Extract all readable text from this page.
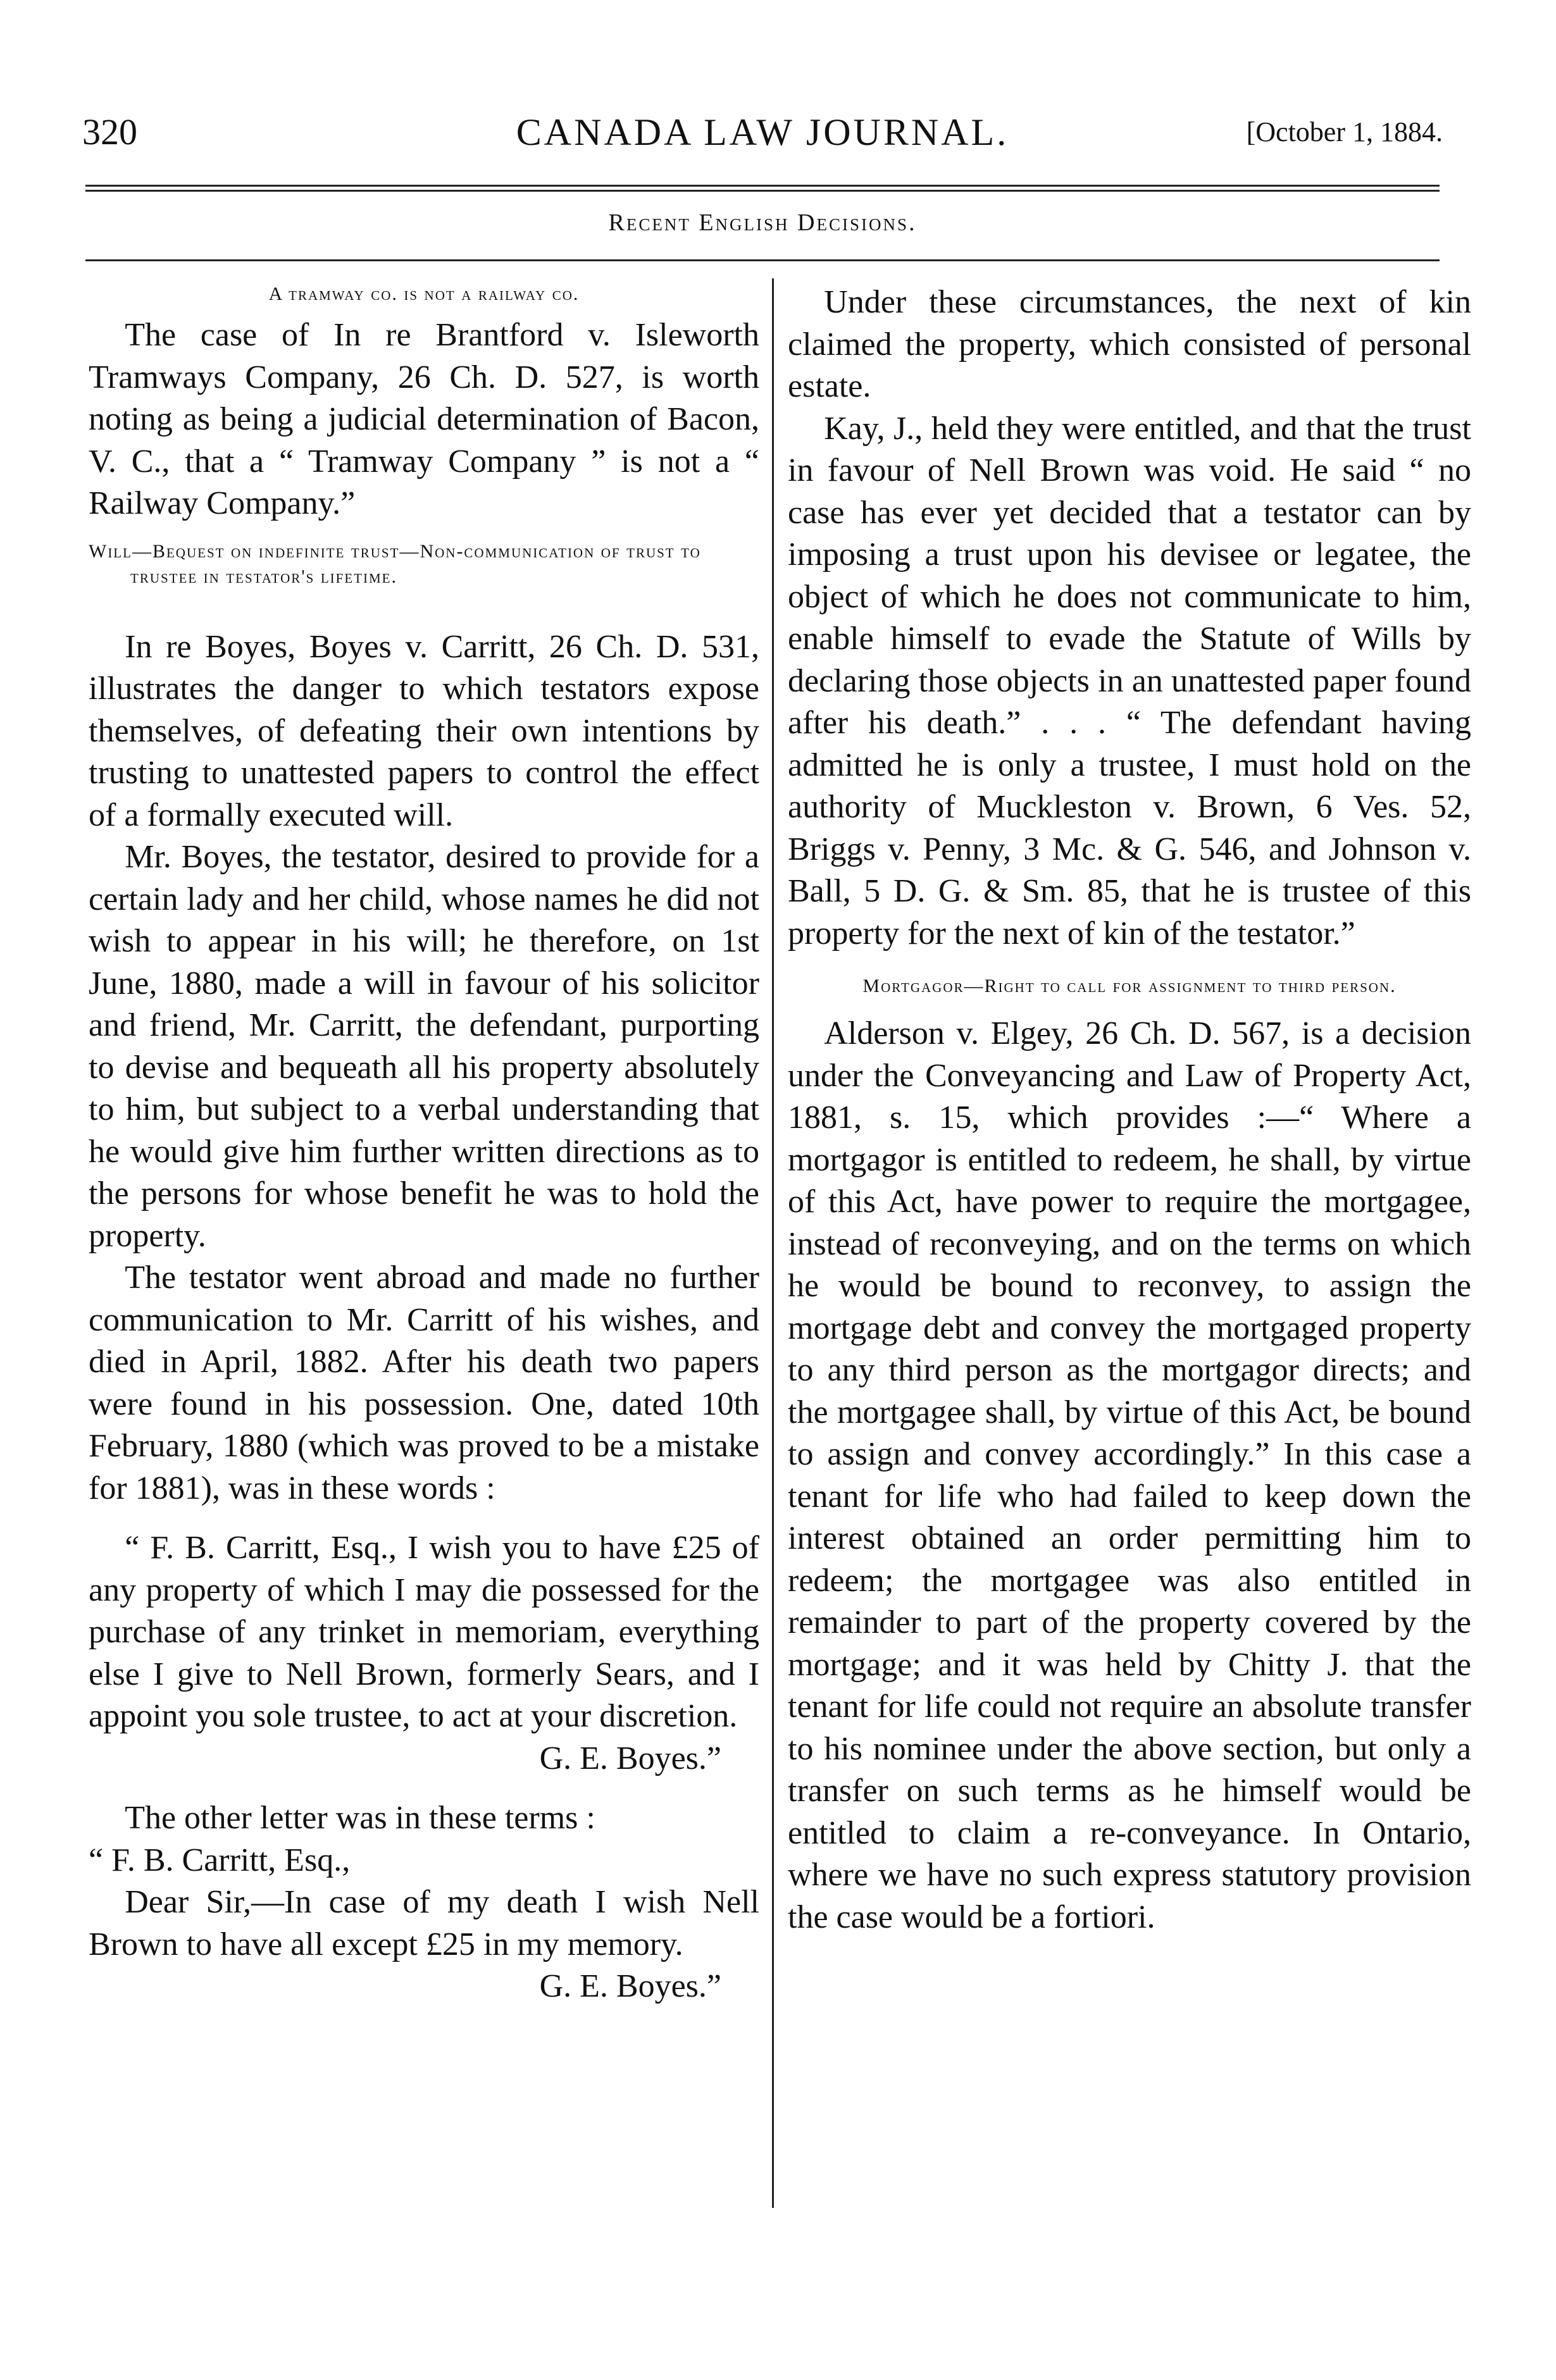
320	CANADA LAW JOURNAL.	[October 1, 1884.
Recent English Decisions.
A tramway co. is not a railway co.

The case of In re Brantford v. Isleworth Tramways Company, 26 Ch. D. 527, is worth noting as being a judicial determination of Bacon, V. C., that a “ Tramway Company ” is not a “ Railway Company.”

Will—Bequest on indefinite trust—Non-communication of trust to trustee in testator's lifetime.

In re Boyes, Boyes v. Carritt, 26 Ch. D. 531, illustrates the danger to which testators expose themselves, of defeating their own intentions by trusting to unattested papers to control the effect of a formally executed will.

Mr. Boyes, the testator, desired to provide for a certain lady and her child, whose names he did not wish to appear in his will; he therefore, on 1st June, 1880, made a will in favour of his solicitor and friend, Mr. Carritt, the defendant, purporting to devise and bequeath all his property absolutely to him, but subject to a verbal understanding that he would give him further written directions as to the persons for whose benefit he was to hold the property.

The testator went abroad and made no further communication to Mr. Carritt of his wishes, and died in April, 1882. After his death two papers were found in his possession. One, dated 10th February, 1880 (which was proved to be a mistake for 1881), was in these words :

“ F. B. Carritt, Esq., I wish you to have £25 of any property of which I may die possessed for the purchase of any trinket in memoriam, everything else I give to Nell Brown, formerly Sears, and I appoint you sole trustee, to act at your discretion.
G. E. Boyes.”

The other letter was in these terms :

“ F. B. Carritt, Esq.,

Dear Sir,—In case of my death I wish Nell Brown to have all except £25 in my memory.
G. E. Boyes.”

Under these circumstances, the next of kin claimed the property, which consisted of personal estate.

Kay, J., held they were entitled, and that the trust in favour of Nell Brown was void. He said “ no case has ever yet decided that a testator can by imposing a trust upon his devisee or legatee, the object of which he does not communicate to him, enable himself to evade the Statute of Wills by declaring those objects in an unattested paper found after his death.” . . . “ The defendant having admitted he is only a trustee, I must hold on the authority of Muckleston v. Brown, 6 Ves. 52, Briggs v. Penny, 3 Mc. & G. 546, and Johnson v. Ball, 5 D. G. & Sm. 85, that he is trustee of this property for the next of kin of the testator.”

Mortgagor—Right to call for assignment to third person.

Alderson v. Elgey, 26 Ch. D. 567, is a decision under the Conveyancing and Law of Property Act, 1881, s. 15, which provides :—“ Where a mortgagor is entitled to redeem, he shall, by virtue of this Act, have power to require the mortgagee, instead of reconveying, and on the terms on which he would be bound to reconvey, to assign the mortgage debt and convey the mortgaged property to any third person as the mortgagor directs; and the mortgagee shall, by virtue of this Act, be bound to assign and convey accordingly.” In this case a tenant for life who had failed to keep down the interest obtained an order permitting him to redeem; the mortgagee was also entitled in remainder to part of the property covered by the mortgage; and it was held by Chitty J. that the tenant for life could not require an absolute transfer to his nominee under the above section, but only a transfer on such terms as he himself would be entitled to claim a re-conveyance. In Ontario, where we have no such express statutory provision the case would be a fortiori.
